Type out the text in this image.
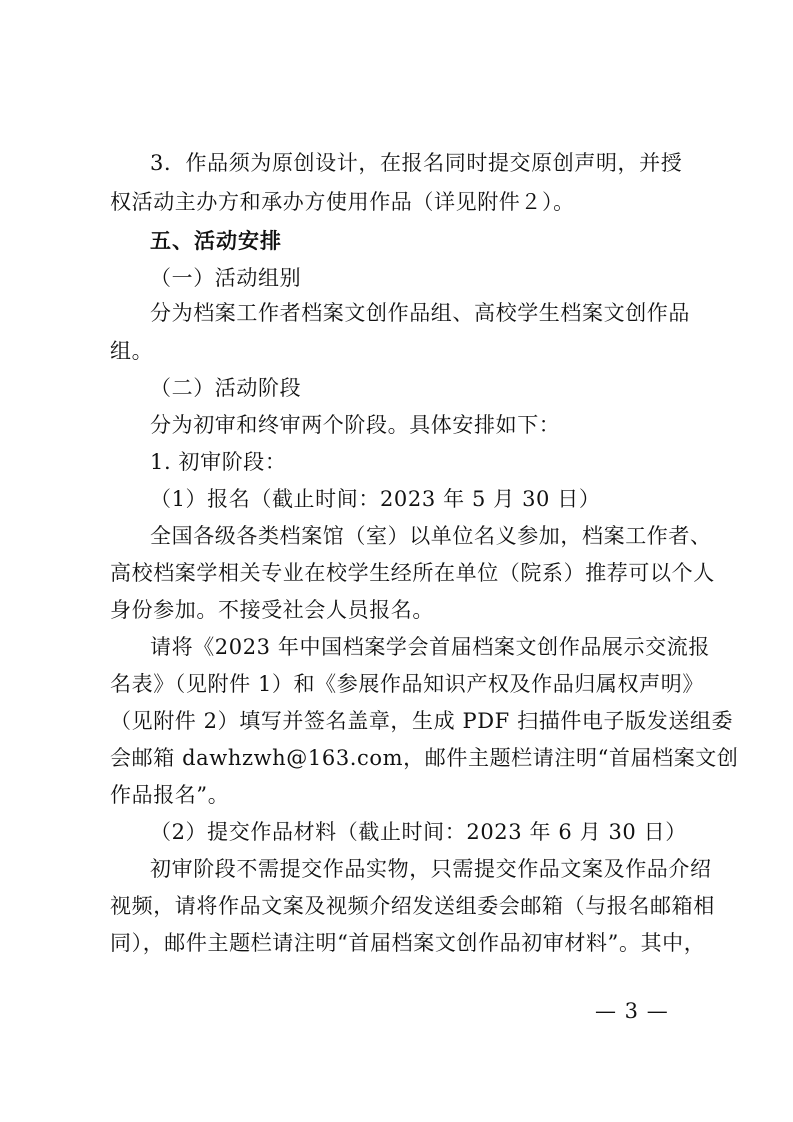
3．作品须为原创设计，在报名同时提交原创声明，并授
权活动主办方和承办方使用作品（详见附件２）。
五、活动安排
（一）活动组别
分为档案工作者档案文创作品组、高校学生档案文创作品
组。
（二）活动阶段
分为初审和终审两个阶段。具体安排如下：
1. 初审阶段：
（1）报名（截止时间：2023 年 5 月 30 日）
全国各级各类档案馆（室）以单位名义参加，档案工作者、
高校档案学相关专业在校学生经所在单位（院系）推荐可以个人
身份参加。不接受社会人员报名。
请将《2023 年中国档案学会首届档案文创作品展示交流报
名表》（见附件 1）和《参展作品知识产权及作品归属权声明》
（见附件 2）填写并签名盖章，生成 PDF 扫描件电子版发送组委
会邮箱 dawhzwh@163.com，邮件主题栏请注明“首届档案文创
作品报名”。
（2）提交作品材料（截止时间：2023 年 6 月 30 日）
初审阶段不需提交作品实物，只需提交作品文案及作品介绍
视频，请将作品文案及视频介绍发送组委会邮箱（与报名邮箱相
同），邮件主题栏请注明“首届档案文创作品初审材料”。其中，
— 3 —
